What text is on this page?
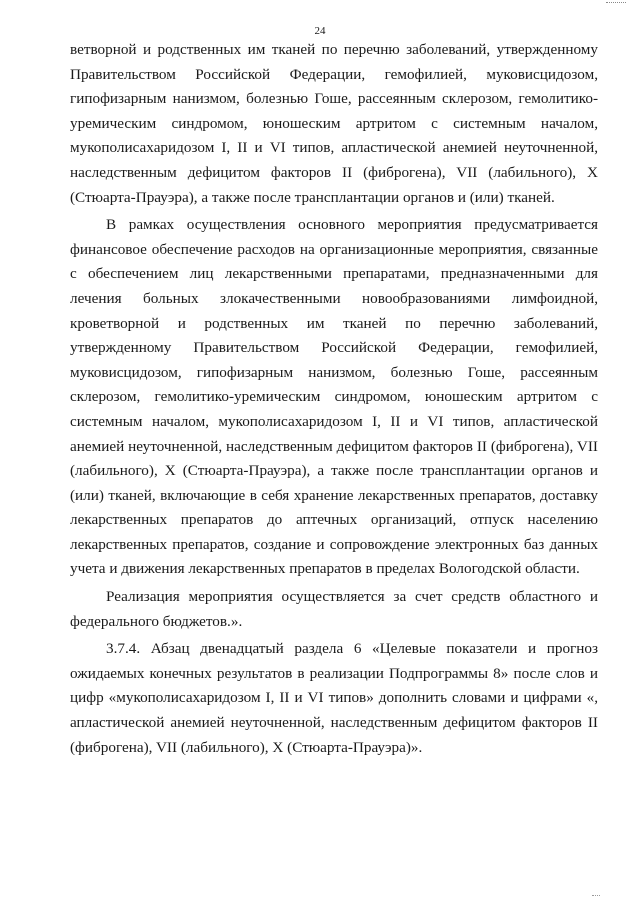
24

ветворной и родственных им тканей по перечню заболеваний, утвержденному Правительством Российской Федерации, гемофилией, муковисцидозом, гипофизарным нанизмом, болезнью Гоше, рассеянным склерозом, гемолитико-уремическим синдромом, юношеским артритом с системным началом, мукополисахаридозом I, II и VI типов, апластической анемией неуточненной, наследственным дефицитом факторов II (фиброгена), VII (лабильного), X (Стюарта-Прауэра), а также после трансплантации органов и (или) тканей.

В рамках осуществления основного мероприятия предусматривается финансовое обеспечение расходов на организационные мероприятия, связанные с обеспечением лиц лекарственными препаратами, предназначенными для лечения больных злокачественными новообразованиями лимфоидной, кроветворной и родственных им тканей по перечню заболеваний, утвержденному Правительством Российской Федерации, гемофилией, муковисцидозом, гипофизарным нанизмом, болезнью Гоше, рассеянным склерозом, гемолитико-уремическим синдромом, юношеским артритом с системным началом, мукополисахаридозом I, II и VI типов, апластической анемией неуточненной, наследственным дефицитом факторов II (фиброгена), VII (лабильного), X (Стюарта-Прауэра), а также после трансплантации органов и (или) тканей, включающие в себя хранение лекарственных препаратов, доставку лекарственных препаратов до аптечных организаций, отпуск населению лекарственных препаратов, создание и сопровождение электронных баз данных учета и движения лекарственных препаратов в пределах Вологодской области.

Реализация мероприятия осуществляется за счет средств областного и федерального бюджетов.».

3.7.4. Абзац двенадцатый раздела 6 «Целевые показатели и прогноз ожидаемых конечных результатов в реализации Подпрограммы 8» после слов и цифр «мукополисахаридозом I, II и VI типов» дополнить словами и цифрами «, апластической анемией неуточненной, наследственным дефицитом факторов II (фиброгена), VII (лабильного), X (Стюарта-Прауэра)».
